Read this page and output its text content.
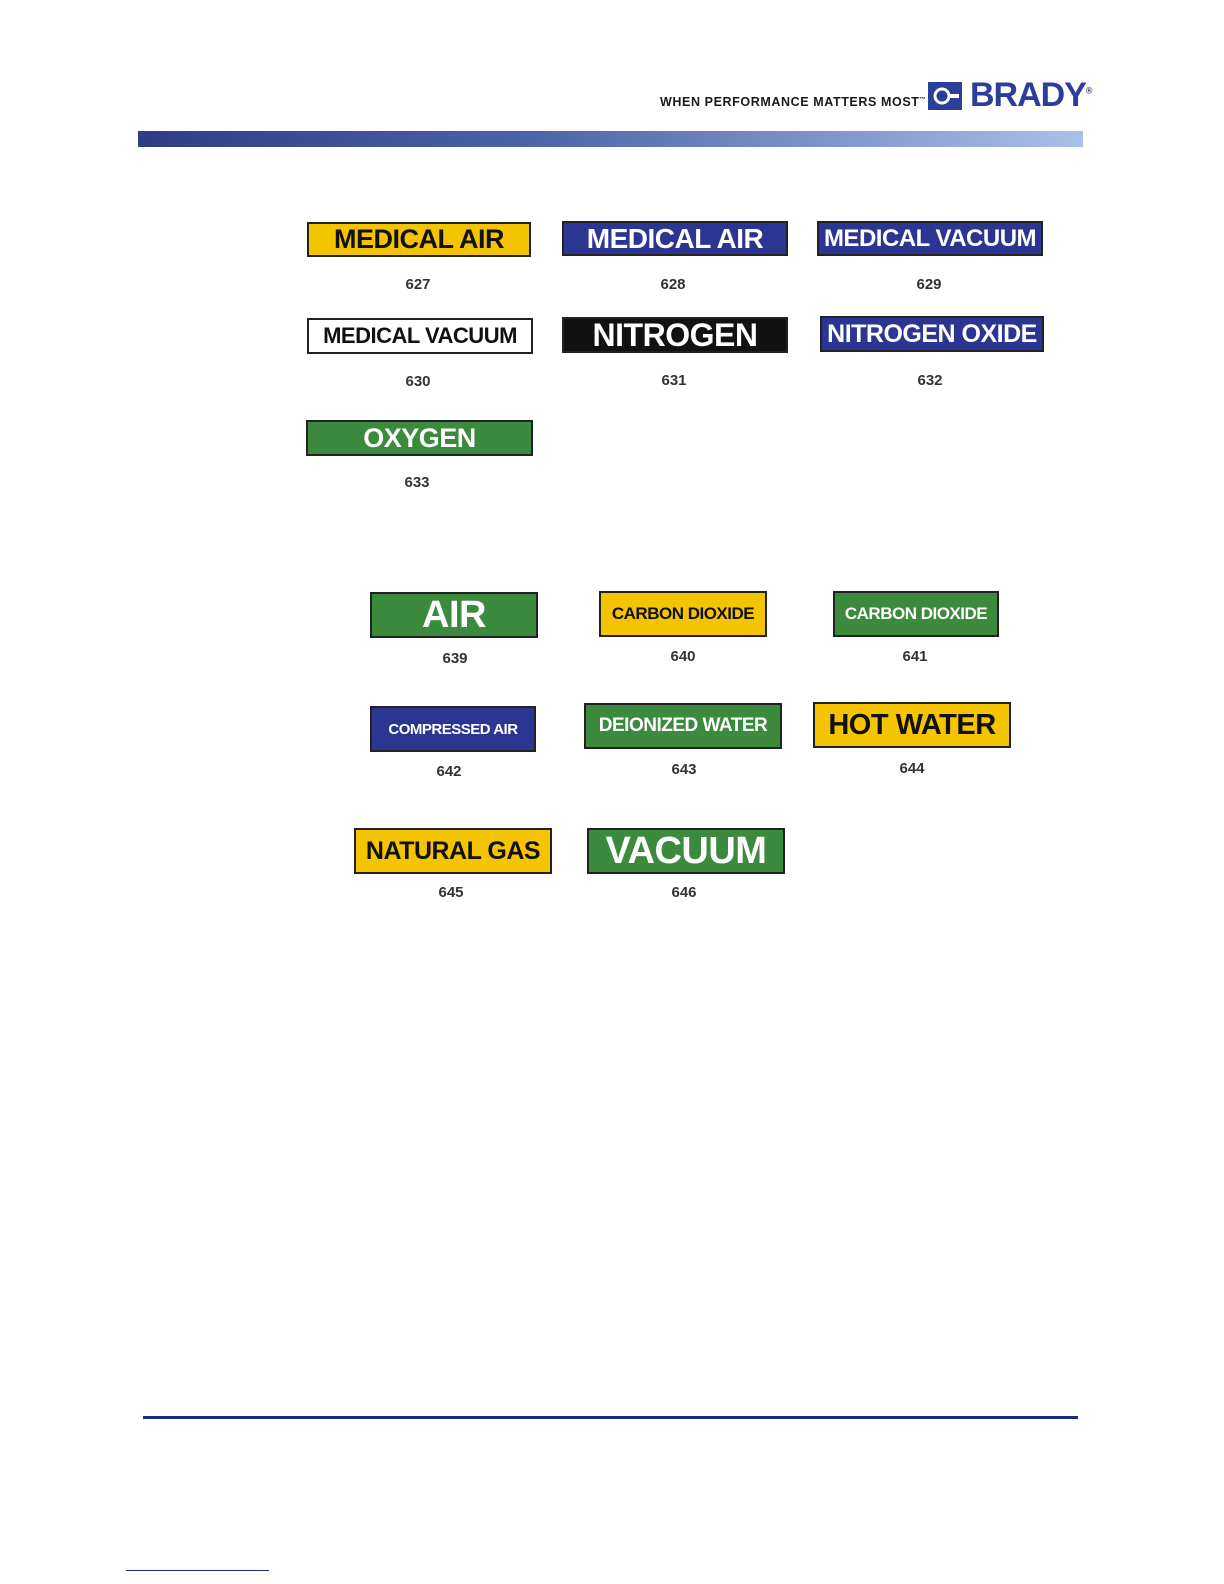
WHEN PERFORMANCE MATTERS MOST™ BRADY®
MEDICAL AIR
627
MEDICAL AIR
628
MEDICAL VACUUM
629
MEDICAL VACUUM
630
NITROGEN
631
NITROGEN OXIDE
632
OXYGEN
633
AIR
639
CARBON DIOXIDE
640
CARBON DIOXIDE
641
COMPRESSED AIR
642
DEIONIZED WATER
643
HOT WATER
644
NATURAL GAS
645
VACUUM
646
